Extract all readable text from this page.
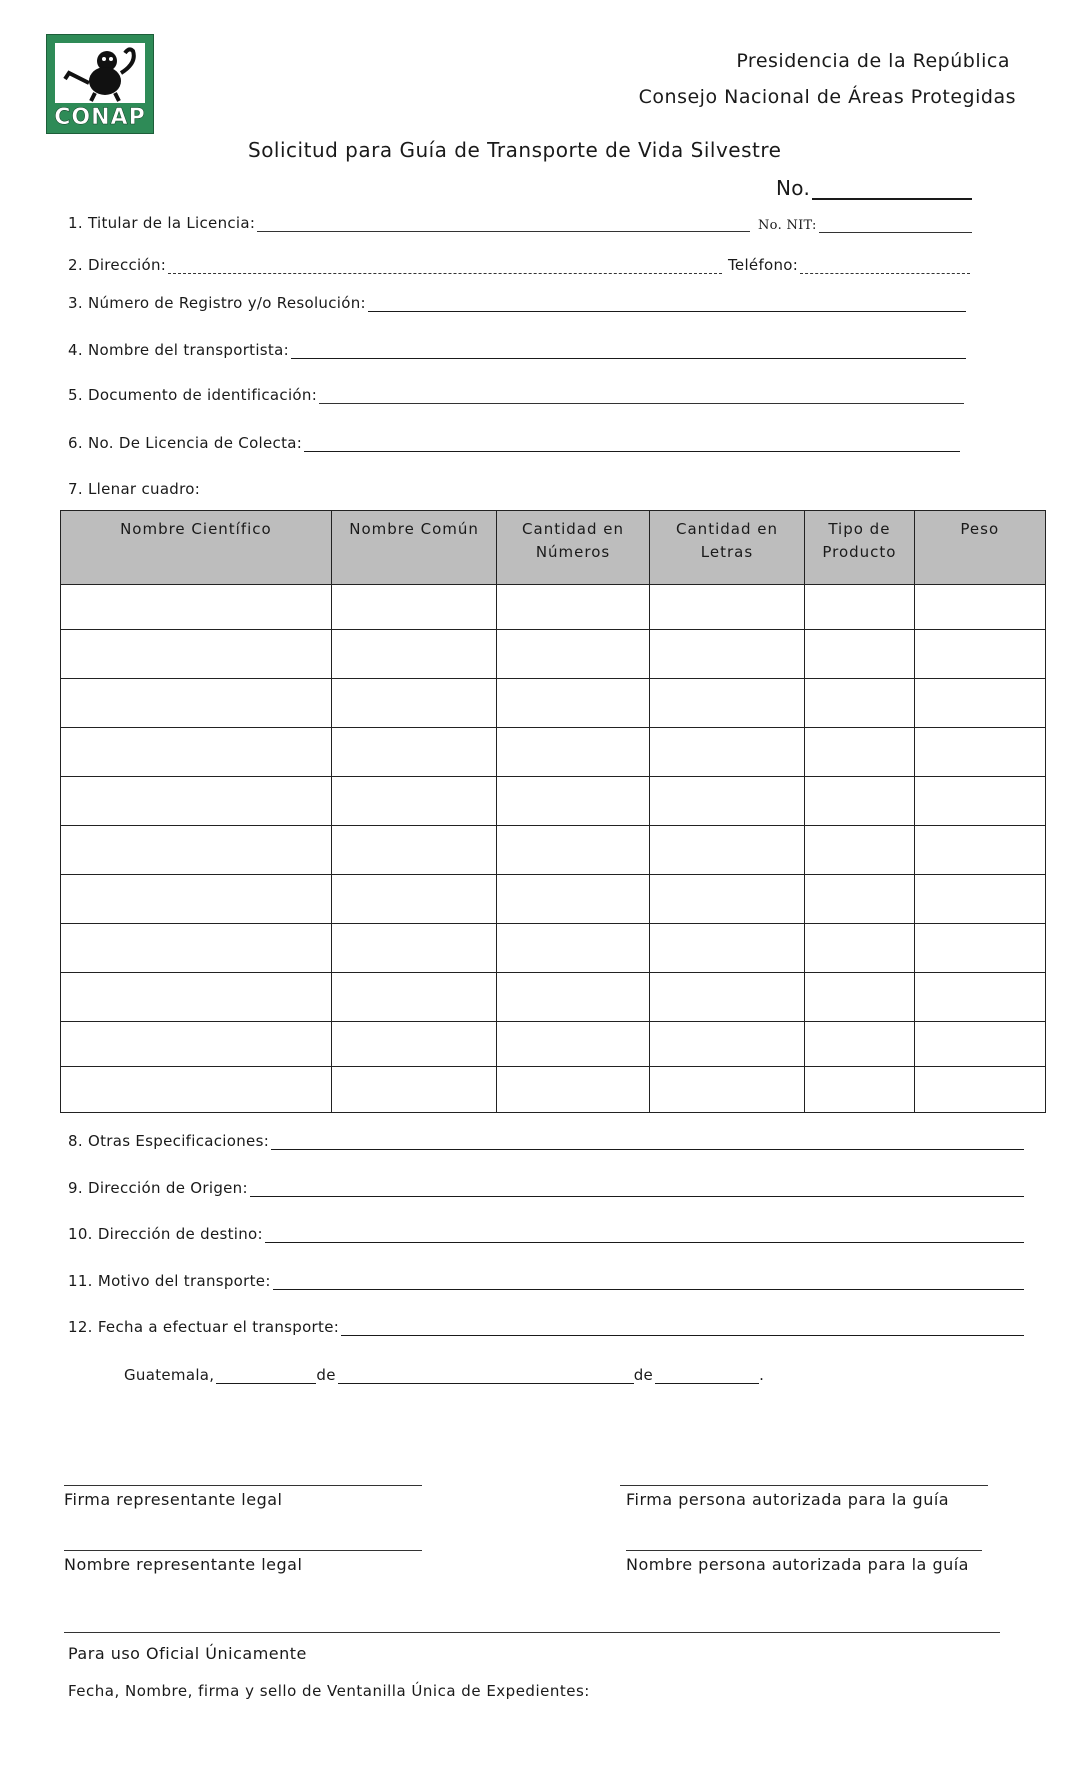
CONAP
Presidencia de la República
Consejo Nacional de Áreas Protegidas
Solicitud para Guía de Transporte de Vida Silvestre
No.
1. Titular de la Licencia:	No. NIT:
2. Dirección:	Teléfono:
3. Número de Registro y/o Resolución:
4. Nombre del transportista:
5. Documento de identificación:
6. No. De Licencia de Colecta:
7. Llenar cuadro:
Nombre Científico	Nombre Común	Cantidad en Números	Cantidad en Letras	Tipo de Producto	Peso

8. Otras Especificaciones:
9. Dirección de Origen:
10. Dirección de destino:
11. Motivo del transporte:
12. Fecha a efectuar el transporte:
Guatemala,	de	de	.
Firma representante legal	Firma persona autorizada para la guía
Nombre representante legal	Nombre persona autorizada para la guía
Para uso Oficial Únicamente
Fecha, Nombre, firma y sello de Ventanilla Única de Expedientes:
